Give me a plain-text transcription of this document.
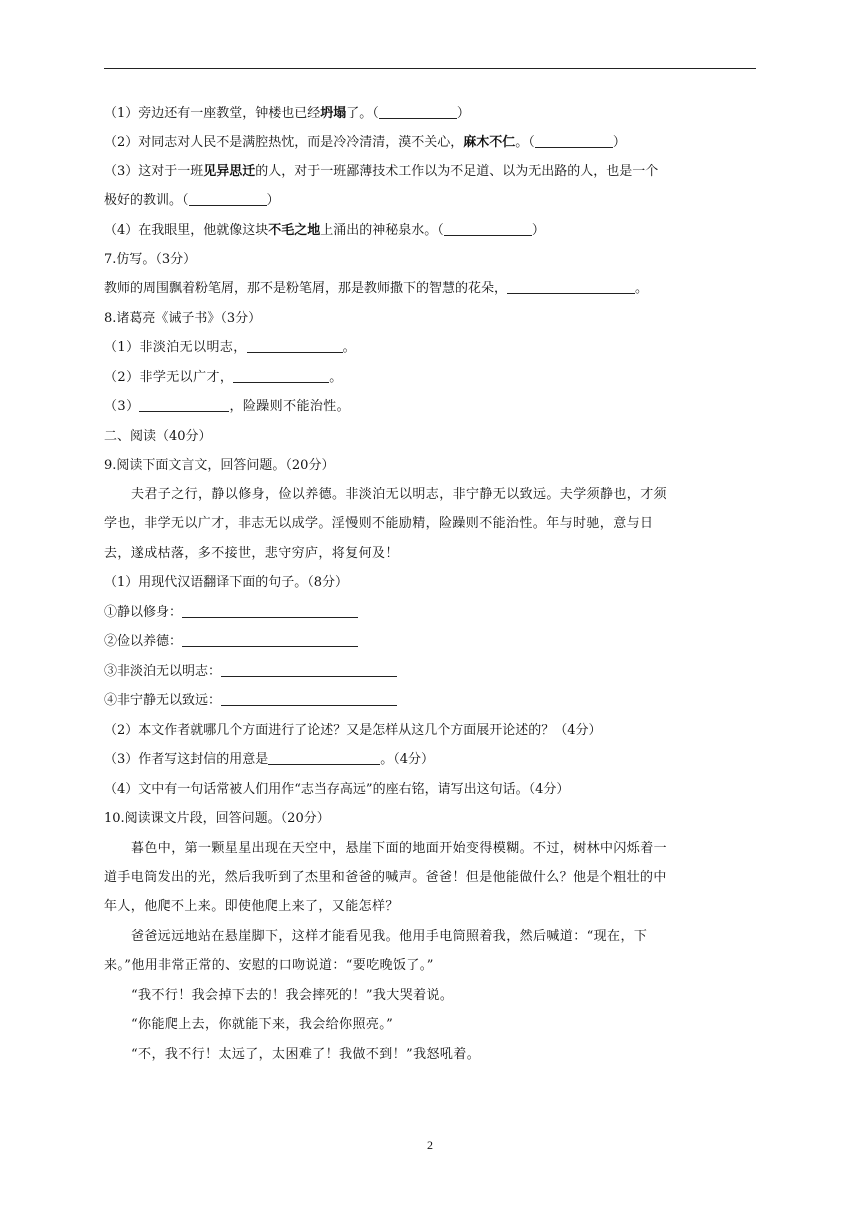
（1）旁边还有一座教堂，钟楼也已经坍塌了。（	）
（2）对同志对人民不是满腔热忱，而是冷冷清清，漠不关心，麻木不仁。（	）
（3）这对于一班见异思迁的人，对于一班鄙薄技术工作以为不足道、以为无出路的人，也是一个
极好的教训。（	）
（4）在我眼里，他就像这块不毛之地上涌出的神秘泉水。（	）
7.仿写。（3分）
教师的周围飘着粉笔屑，那不是粉笔屑，那是教师撒下的智慧的花朵，	。
8.诸葛亮《诫子书》（3分）
（1）非淡泊无以明志，	。
（2）非学无以广才，	。
（3）	，险躁则不能治性。
二、阅读（40分）
9.阅读下面文言文，回答问题。（20分）
夫君子之行，静以修身，俭以养德。非淡泊无以明志，非宁静无以致远。夫学须静也，才须
学也，非学无以广才，非志无以成学。淫慢则不能励精，险躁则不能治性。年与时驰，意与日
去，遂成枯落，多不接世，悲守穷庐，将复何及！
（1）用现代汉语翻译下面的句子。（8分）
①静以修身：
②俭以养德：
③非淡泊无以明志：
④非宁静无以致远：
（2）本文作者就哪几个方面进行了论述？又是怎样从这几个方面展开论述的？（4分）
（3）作者写这封信的用意是	。（4分）
（4）文中有一句话常被人们用作“志当存高远”的座右铭，请写出这句话。（4分）
10.阅读课文片段，回答问题。（20分）
暮色中，第一颗星星出现在天空中，悬崖下面的地面开始变得模糊。不过，树林中闪烁着一
道手电筒发出的光，然后我听到了杰里和爸爸的喊声。爸爸！但是他能做什么？他是个粗壮的中
年人，他爬不上来。即使他爬上来了，又能怎样？
爸爸远远地站在悬崖脚下，这样才能看见我。他用手电筒照着我，然后喊道：“现在，下
来。”他用非常正常的、安慰的口吻说道：“要吃晚饭了。”
“我不行！我会掉下去的！我会摔死的！”我大哭着说。
“你能爬上去，你就能下来，我会给你照亮。”
“不，我不行！太远了，太困难了！我做不到！”我怒吼着。
2
